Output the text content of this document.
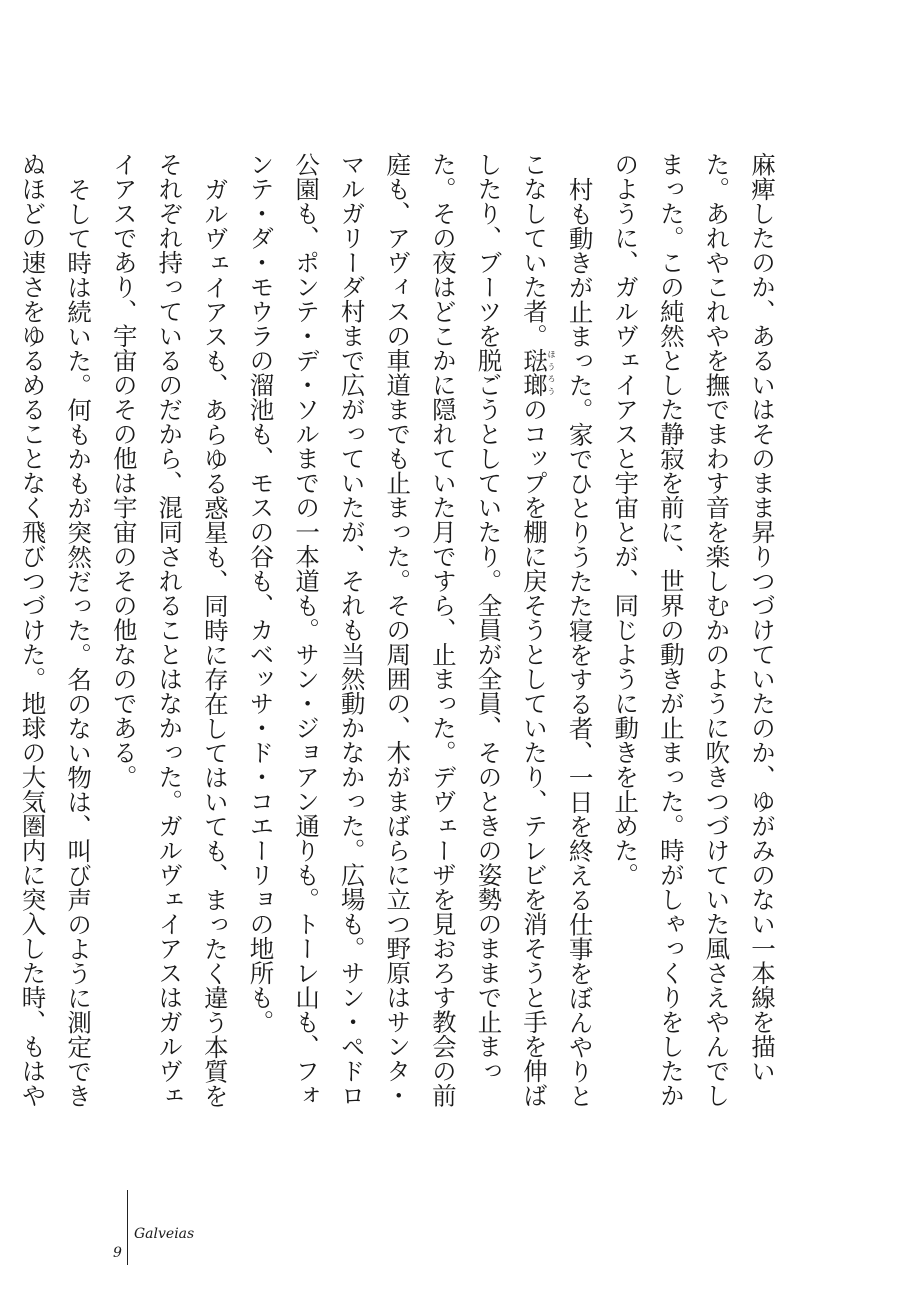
麻痺したのか、あるいはそのまま昇りつづけていたのか、ゆがみのない一本線を描いた。あれやこれやを撫でまわす音を楽しむかのように吹きつづけていた風さえやんでしまった。この純然とした静寂を前に、世界の動きが止まった。時がしゃっくりをしたかのように、ガルヴェイアスと宇宙とが、同じように動きを止めた。

村も動きが止まった。家でひとりうたた寝をする者、一日を終える仕事をぼんやりとこなしていた者。琺瑯ほうろうのコップを棚に戻そうとしていたり、テレビを消そうと手を伸ばしたり、ブーツを脱ごうとしていたり。全員が全員、そのときの姿勢のままで止まった。その夜はどこかに隠れていた月ですら、止まった。デヴェーザを見おろす教会の前庭も、アヴィスの車道までも止まった。その周囲の、木がまばらに立つ野原はサンタ・マルガリーダ村まで広がっていたが、それも当然動かなかった。広場も。サン・ペドロ公園も、ポンテ・デ・ソルまでの一本道も。サン・ジョアン通りも。トーレ山も、フォンテ・ダ・モウラの溜池も、モスの谷も、カベッサ・ド・コエーリョの地所も。

ガルヴェイアスも、あらゆる惑星も、同時に存在してはいても、まったく違う本質をそれぞれ持っているのだから、混同されることはなかった。ガルヴェイアスはガルヴェイアスであり、宇宙のその他は宇宙のその他なのである。

そして時は続いた。何もかもが突然だった。名のない物は、叫び声のように測定できぬほどの速さをゆるめることなく飛びつづけた。地球の大気圏内に突入した時、もはや

9
Galveias
